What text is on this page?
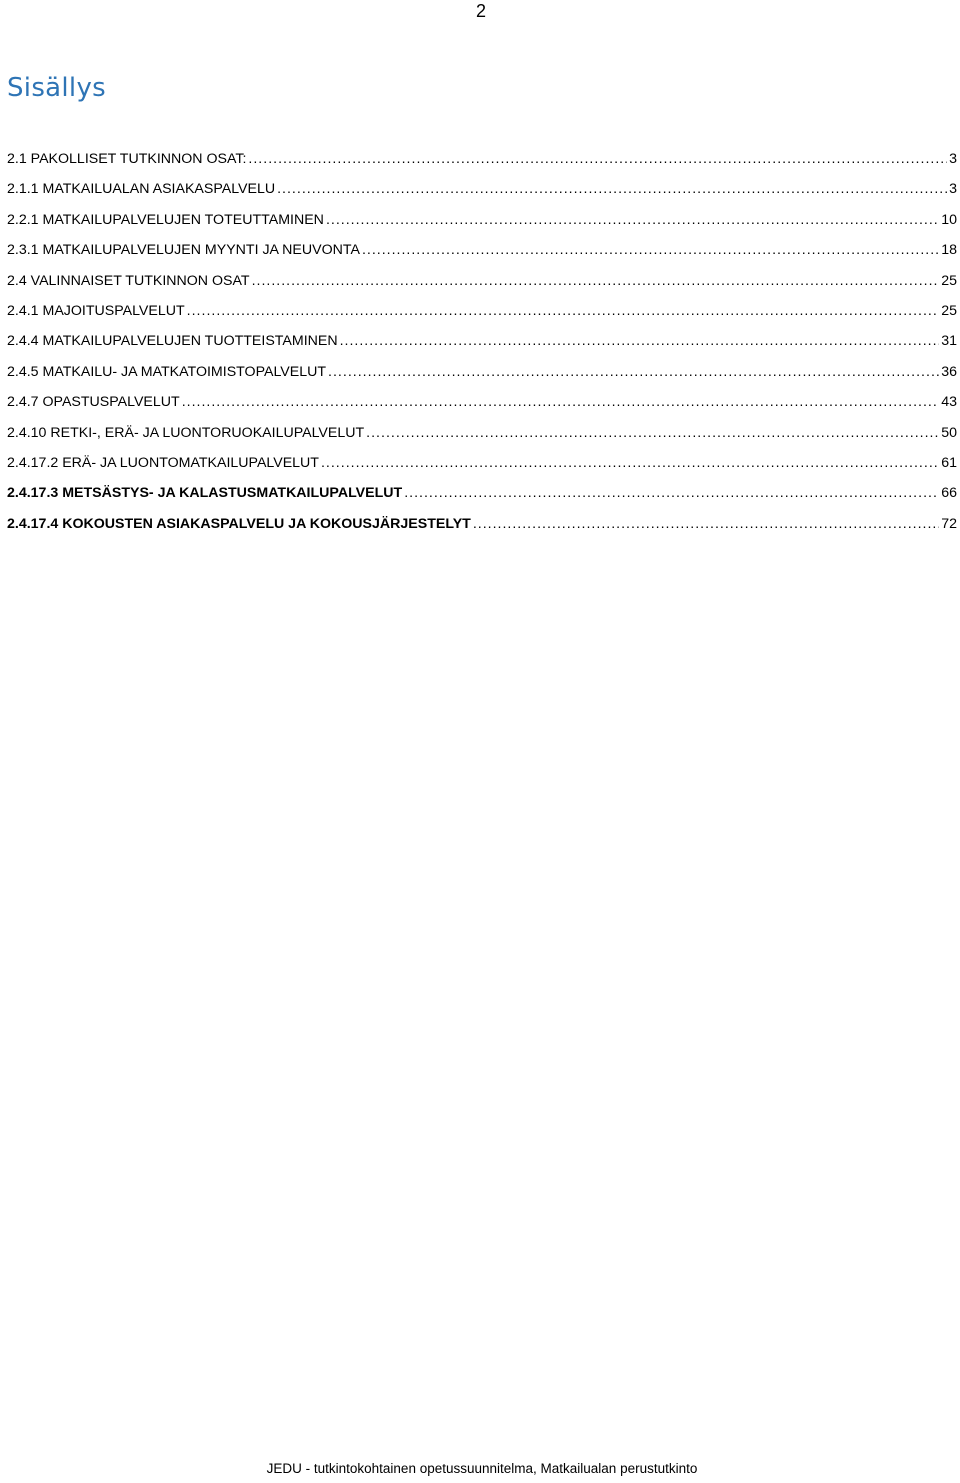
2
Sisällys
2.1 PAKOLLISET TUTKINNON OSAT: .....	3
2.1.1 MATKAILUALAN ASIAKASPALVELU .....	3
2.2.1 MATKAILUPALVELUJEN TOTEUTTAMINEN .....	10
2.3.1 MATKAILUPALVELUJEN MYYNTI JA NEUVONTA .....	18
2.4 VALINNAISET TUTKINNON OSAT .....	25
2.4.1 MAJOITUSPALVELUT .....	25
2.4.4 MATKAILUPALVELUJEN TUOTTEISTAMINEN .....	31
2.4.5 MATKAILU- JA MATKATOIMISTOPALVELUT .....	36
2.4.7 OPASTUSPALVELUT .....	43
2.4.10 RETKI-, ERÄ- JA LUONTORUOKAILUPALVELUT .....	50
2.4.17.2 ERÄ- JA LUONTOMATKAILUPALVELUT .....	61
2.4.17.3 METSÄSTYS- JA KALASTUSMATKAILUPALVELUT .....	66
2.4.17.4 KOKOUSTEN ASIAKASPALVELU JA KOKOUSJÄRJESTELYT .....	72
JEDU - tutkintokohtainen opetussuunnitelma, Matkailualan perustutkinto
